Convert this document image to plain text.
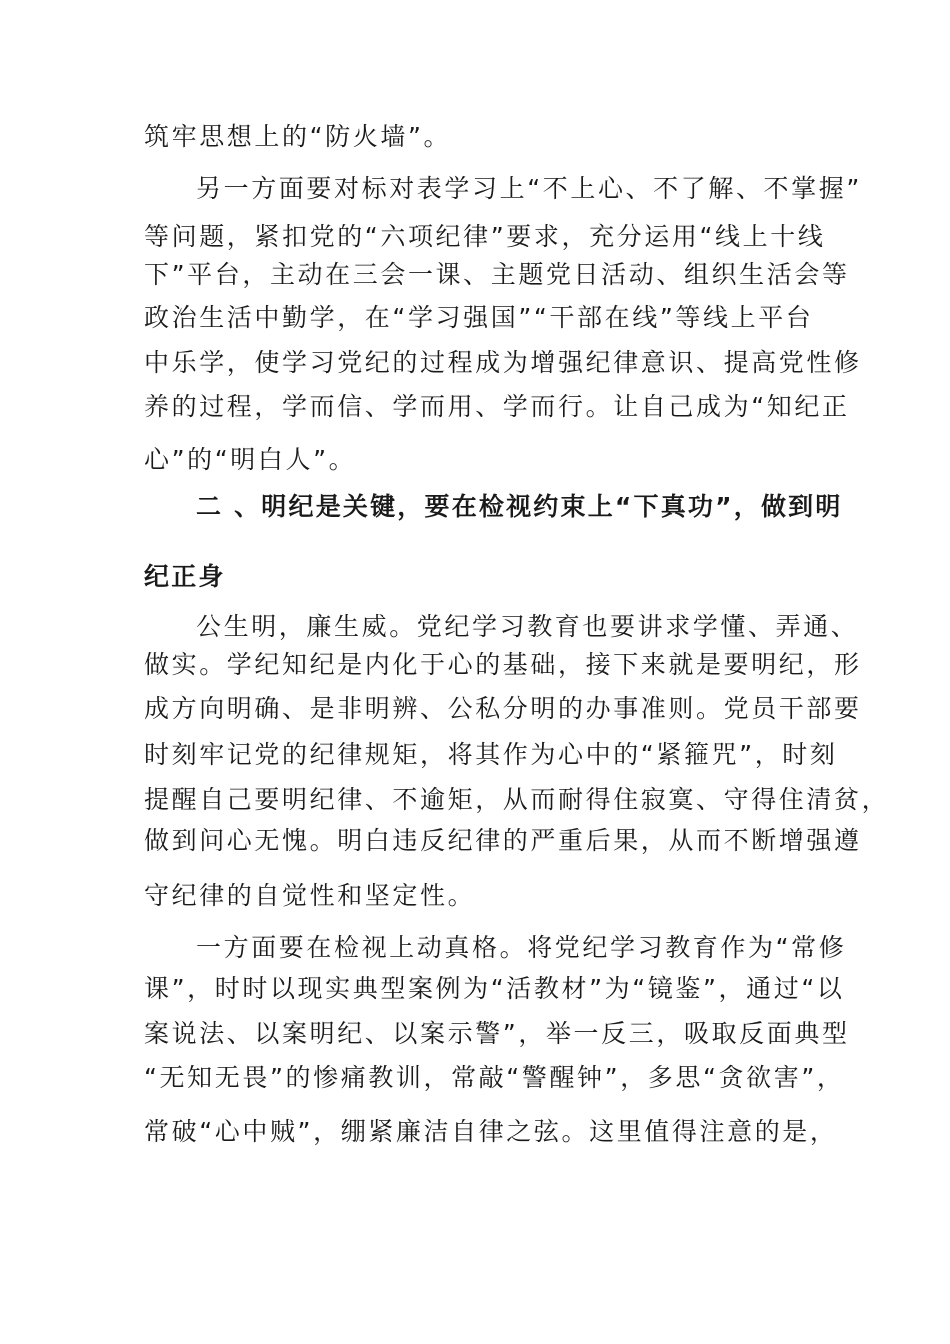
筑牢思想上的“防火墙”。
另一方面要对标对表学习上“不上心、不了解、不掌握”
等问题，紧扣党的“六项纪律”要求，充分运用“线上十线
下”平台，主动在三会一课、主题党日活动、组织生活会等
政治生活中勤学，在“学习强国”“干部在线”等线上平台
中乐学，使学习党纪的过程成为增强纪律意识、提高党性修
养的过程，学而信、学而用、学而行。让自己成为“知纪正
心”的“明白人”。
二 、明纪是关键，要在检视约束上“下真功”，做到明
纪正身
公生明，廉生威。党纪学习教育也要讲求学懂、弄通、
做实。学纪知纪是内化于心的基础，接下来就是要明纪，形
成方向明确、是非明辨、公私分明的办事准则。党员干部要
时刻牢记党的纪律规矩，将其作为心中的“紧箍咒”，时刻
提醒自己要明纪律、不逾矩，从而耐得住寂寞、守得住清贫，
做到问心无愧。明白违反纪律的严重后果，从而不断增强遵
守纪律的自觉性和坚定性。
一方面要在检视上动真格。将党纪学习教育作为“常修
课”，时时以现实典型案例为“活教材”为“镜鉴”，通过“以
案说法、以案明纪、以案示警”，举一反三，吸取反面典型
“无知无畏”的惨痛教训，常敲“警醒钟”，多思“贪欲害”，
常破“心中贼”，绷紧廉洁自律之弦。这里值得注意的是，
